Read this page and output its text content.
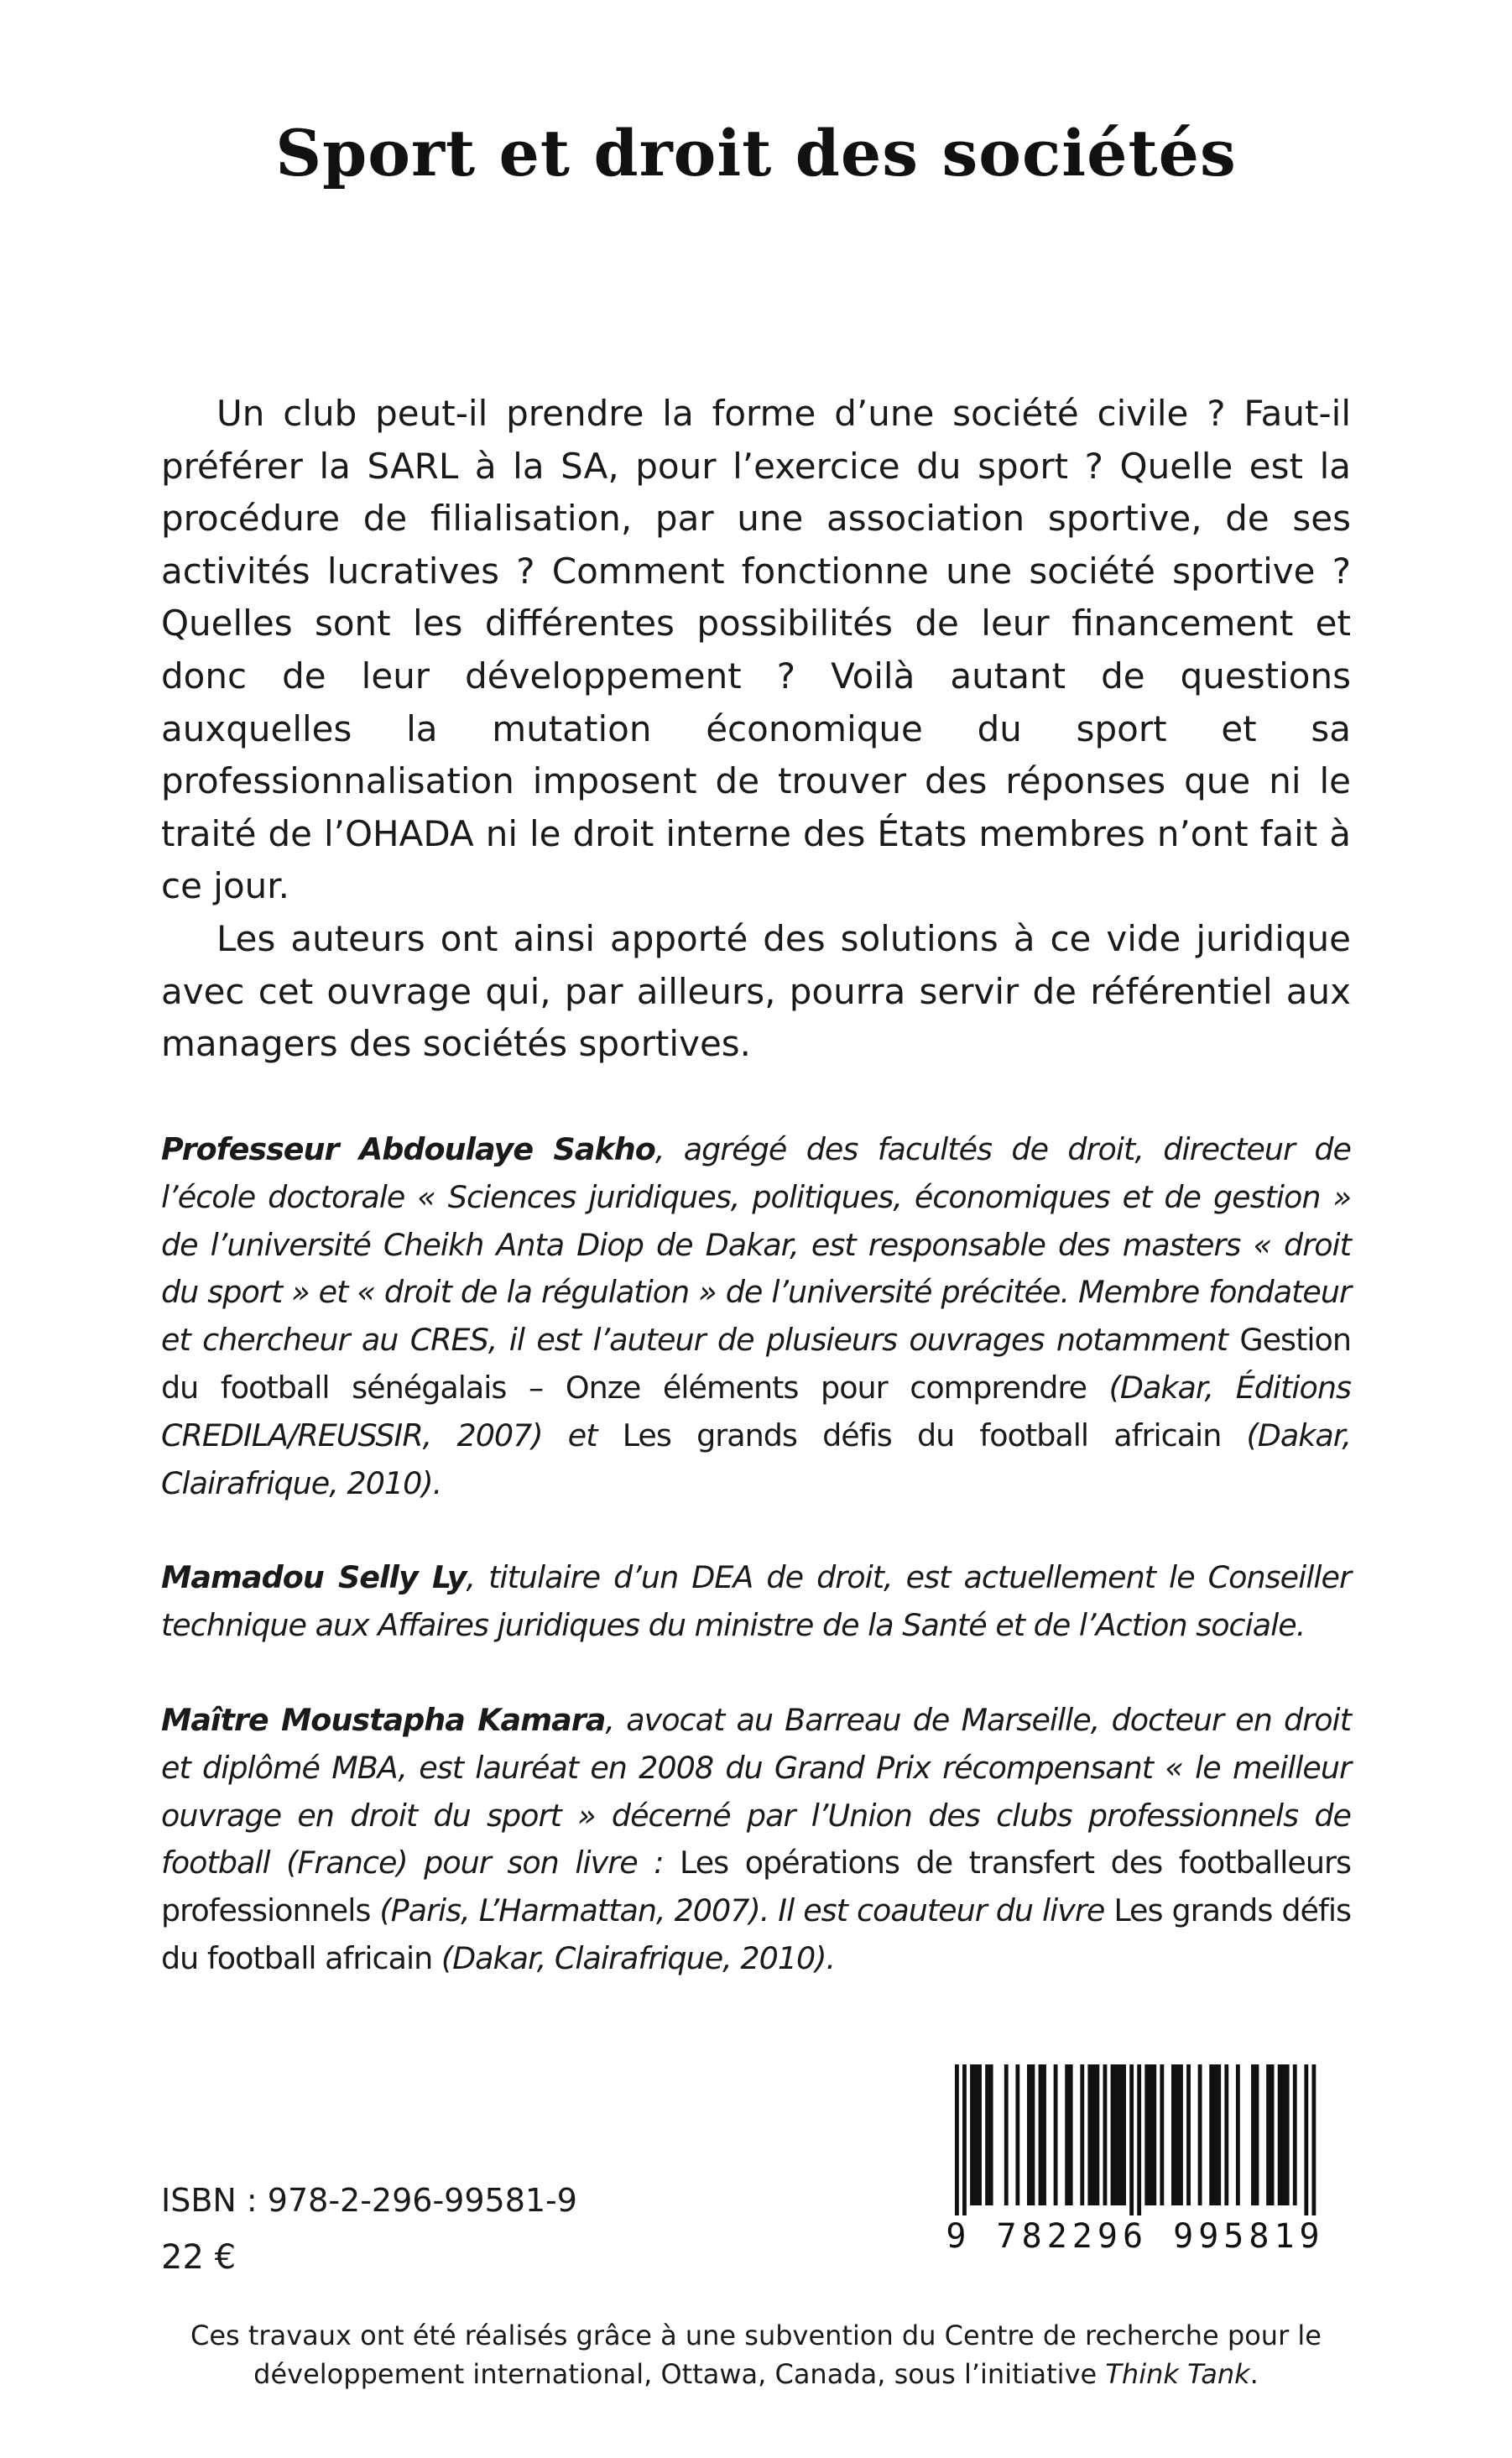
Sport et droit des sociétés

Un club peut-il prendre la forme d’une société civile ? Faut-il préférer la SARL à la SA, pour l’exercice du sport ? Quelle est la procédure de filialisation, par une association sportive, de ses activités lucratives ? Comment fonctionne une société sportive ? Quelles sont les différentes possibilités de leur financement et donc de leur développement ? Voilà autant de questions auxquelles la mutation économique du sport et sa professionnalisation imposent de trouver des réponses que ni le traité de l’OHADA ni le droit interne des États membres n’ont fait à ce jour.

Les auteurs ont ainsi apporté des solutions à ce vide juridique avec cet ouvrage qui, par ailleurs, pourra servir de référentiel aux managers des sociétés sportives.

Professeur Abdoulaye Sakho, agrégé des facultés de droit, directeur de l’école doctorale « Sciences juridiques, politiques, économiques et de gestion » de l’université Cheikh Anta Diop de Dakar, est responsable des masters « droit du sport » et « droit de la régulation » de l’université précitée. Membre fondateur et chercheur au CRES, il est l’auteur de plusieurs ouvrages notamment Gestion du football sénégalais – Onze éléments pour comprendre (Dakar, Éditions CREDILA/REUSSIR, 2007) et Les grands défis du football africain (Dakar, Clairafrique, 2010).

Mamadou Selly Ly, titulaire d’un DEA de droit, est actuellement le Conseiller technique aux Affaires juridiques du ministre de la Santé et de l’Action sociale.

Maître Moustapha Kamara, avocat au Barreau de Marseille, docteur en droit et diplômé MBA, est lauréat en 2008 du Grand Prix récompensant « le meilleur ouvrage en droit du sport » décerné par l’Union des clubs professionnels de football (France) pour son livre : Les opérations de transfert des footballeurs professionnels (Paris, L’Harmattan, 2007). Il est coauteur du livre Les grands défis du football africain (Dakar, Clairafrique, 2010).

ISBN : 978-2-296-99581-9
22 €
9 782296 995819
Ces travaux ont été réalisés grâce à une subvention du Centre de recherche pour le développement international, Ottawa, Canada, sous l’initiative Think Tank.
